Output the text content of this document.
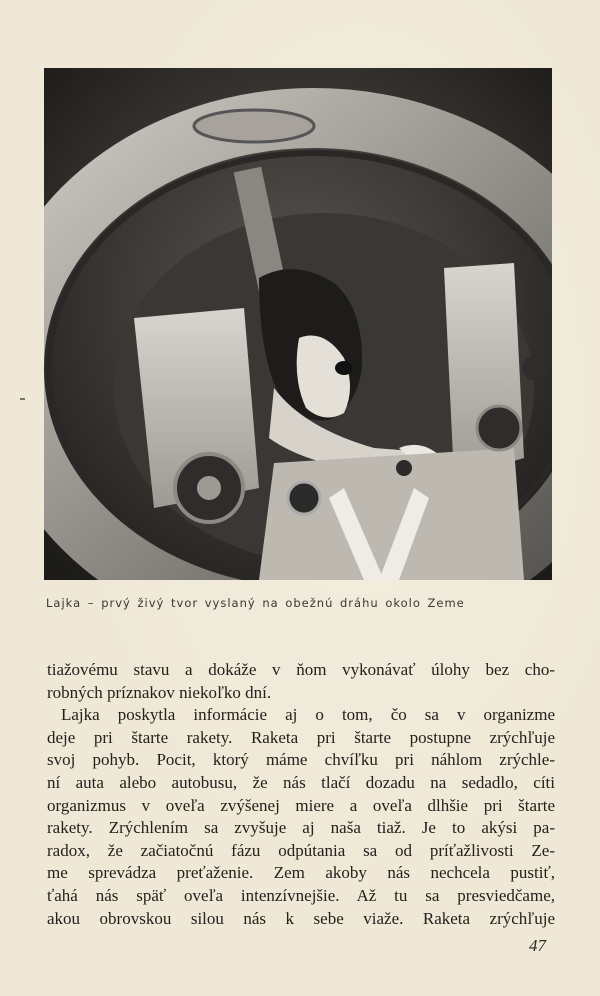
Lajka – prvý živý tvor vyslaný na obežnú dráhu okolo Zeme
tiažovému stavu a dokáže v ňom vykonávať úlohy bez cho-
robných príznakov niekoľko dní.
Lajka poskytla informácie aj o tom, čo sa v organizme
deje pri štarte rakety. Raketa pri štarte postupne zrýchľuje
svoj pohyb. Pocit, ktorý máme chvíľku pri náhlom zrýchle-
ní auta alebo autobusu, že nás tlačí dozadu na sedadlo, cíti
organizmus v oveľa zvýšenej miere a oveľa dlhšie pri štarte
rakety. Zrýchlením sa zvyšuje aj naša tiaž. Je to akýsi pa-
radox, že začiatočnú fázu odpútania sa od príťažlivosti Ze-
me sprevádza preťaženie. Zem akoby nás nechcela pustiť,
ťahá nás späť oveľa intenzívnejšie. Až tu sa presviedčame,
akou obrovskou silou nás k sebe viaže. Raketa zrýchľuje
47
